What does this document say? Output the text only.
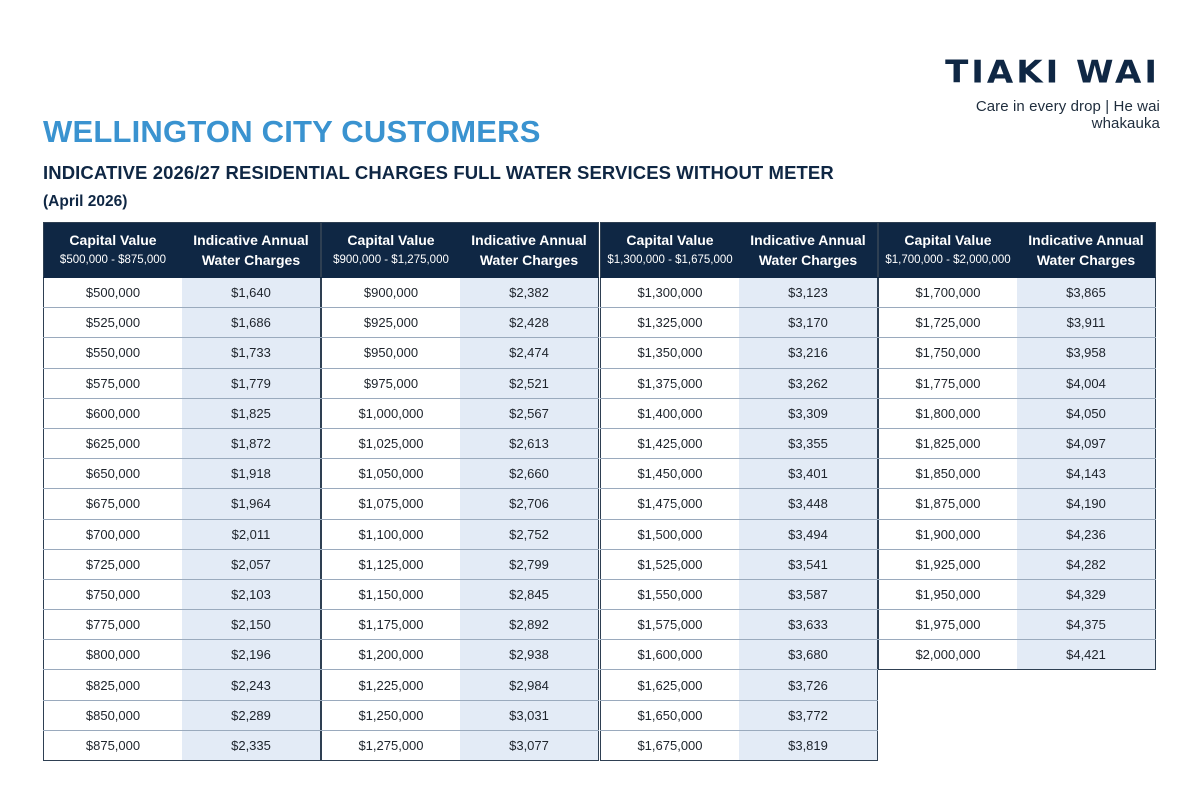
TIAKI WAI
Care in every drop | He wai whakauka
WELLINGTON CITY CUSTOMERS
INDICATIVE 2026/27 RESIDENTIAL CHARGES FULL WATER SERVICES WITHOUT METER

(April 2026)

Capital Value
$500,000 - $875,000	Indicative Annual
Water Charges

$500,000	$1,640
$525,000	$1,686
$550,000	$1,733
$575,000	$1,779
$600,000	$1,825
$625,000	$1,872
$650,000	$1,918
$675,000	$1,964
$700,000	$2,011
$725,000	$2,057
$750,000	$2,103
$775,000	$2,150
$800,000	$2,196
$825,000	$2,243
$850,000	$2,289
$875,000	$2,335
Capital Value
$900,000 - $1,275,000	Indicative Annual
Water Charges

$900,000	$2,382
$925,000	$2,428
$950,000	$2,474
$975,000	$2,521
$1,000,000	$2,567
$1,025,000	$2,613
$1,050,000	$2,660
$1,075,000	$2,706
$1,100,000	$2,752
$1,125,000	$2,799
$1,150,000	$2,845
$1,175,000	$2,892
$1,200,000	$2,938
$1,225,000	$2,984
$1,250,000	$3,031
$1,275,000	$3,077
Capital Value
$1,300,000 - $1,675,000	Indicative Annual
Water Charges

$1,300,000	$3,123
$1,325,000	$3,170
$1,350,000	$3,216
$1,375,000	$3,262
$1,400,000	$3,309
$1,425,000	$3,355
$1,450,000	$3,401
$1,475,000	$3,448
$1,500,000	$3,494
$1,525,000	$3,541
$1,550,000	$3,587
$1,575,000	$3,633
$1,600,000	$3,680
$1,625,000	$3,726
$1,650,000	$3,772
$1,675,000	$3,819
Capital Value
$1,700,000 - $2,000,000	Indicative Annual
Water Charges

$1,700,000	$3,865
$1,725,000	$3,911
$1,750,000	$3,958
$1,775,000	$4,004
$1,800,000	$4,050
$1,825,000	$4,097
$1,850,000	$4,143
$1,875,000	$4,190
$1,900,000	$4,236
$1,925,000	$4,282
$1,950,000	$4,329
$1,975,000	$4,375
$2,000,000	$4,421
